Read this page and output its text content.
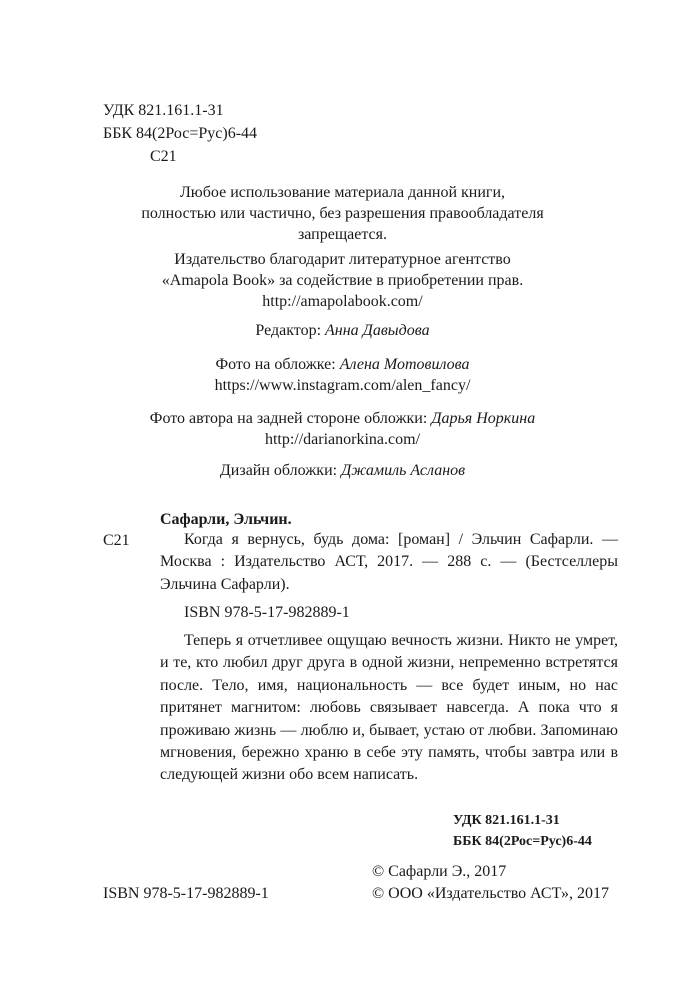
УДК 821.161.1-31
ББК 84(2Рос=Рус)6-44
С21
Любое использование материала данной книги,
полностью или частично, без разрешения правообладателя
запрещается.
Издательство благодарит литературное агентство
«Amapola Book» за содействие в приобретении прав.
http://amapolabook.com/
Редактор: Анна Давыдова
Фото на обложке: Алена Мотовилова
https://www.instagram.com/alen_fancy/
Фото автора на задней стороне обложки: Дарья Норкина
http://darianorkina.com/
Дизайн обложки: Джамиль Асланов
Сафарли, Эльчин.
С21	Когда я вернусь, будь дома: [роман] / Эльчин Сафарли. — Москва : Издательство АСТ, 2017. — 288 с. — (Бестселлеры Эльчина Сафарли).
ISBN 978-5-17-982889-1
Теперь я отчетливее ощущаю вечность жизни. Никто не умрет, и те, кто любил друг друга в одной жизни, непременно встретятся после. Тело, имя, национальность — все будет иным, но нас притянет магнитом: любовь связывает навсегда. А пока что я проживаю жизнь — люблю и, бывает, устаю от любви. Запоминаю мгновения, бережно храню в себе эту память, чтобы завтра или в следующей жизни обо всем написать.
УДК 821.161.1-31
ББК 84(2Рос=Рус)6-44
ISBN 978-5-17-982889-1
© Сафарли Э., 2017
© ООО «Издательство АСТ», 2017
